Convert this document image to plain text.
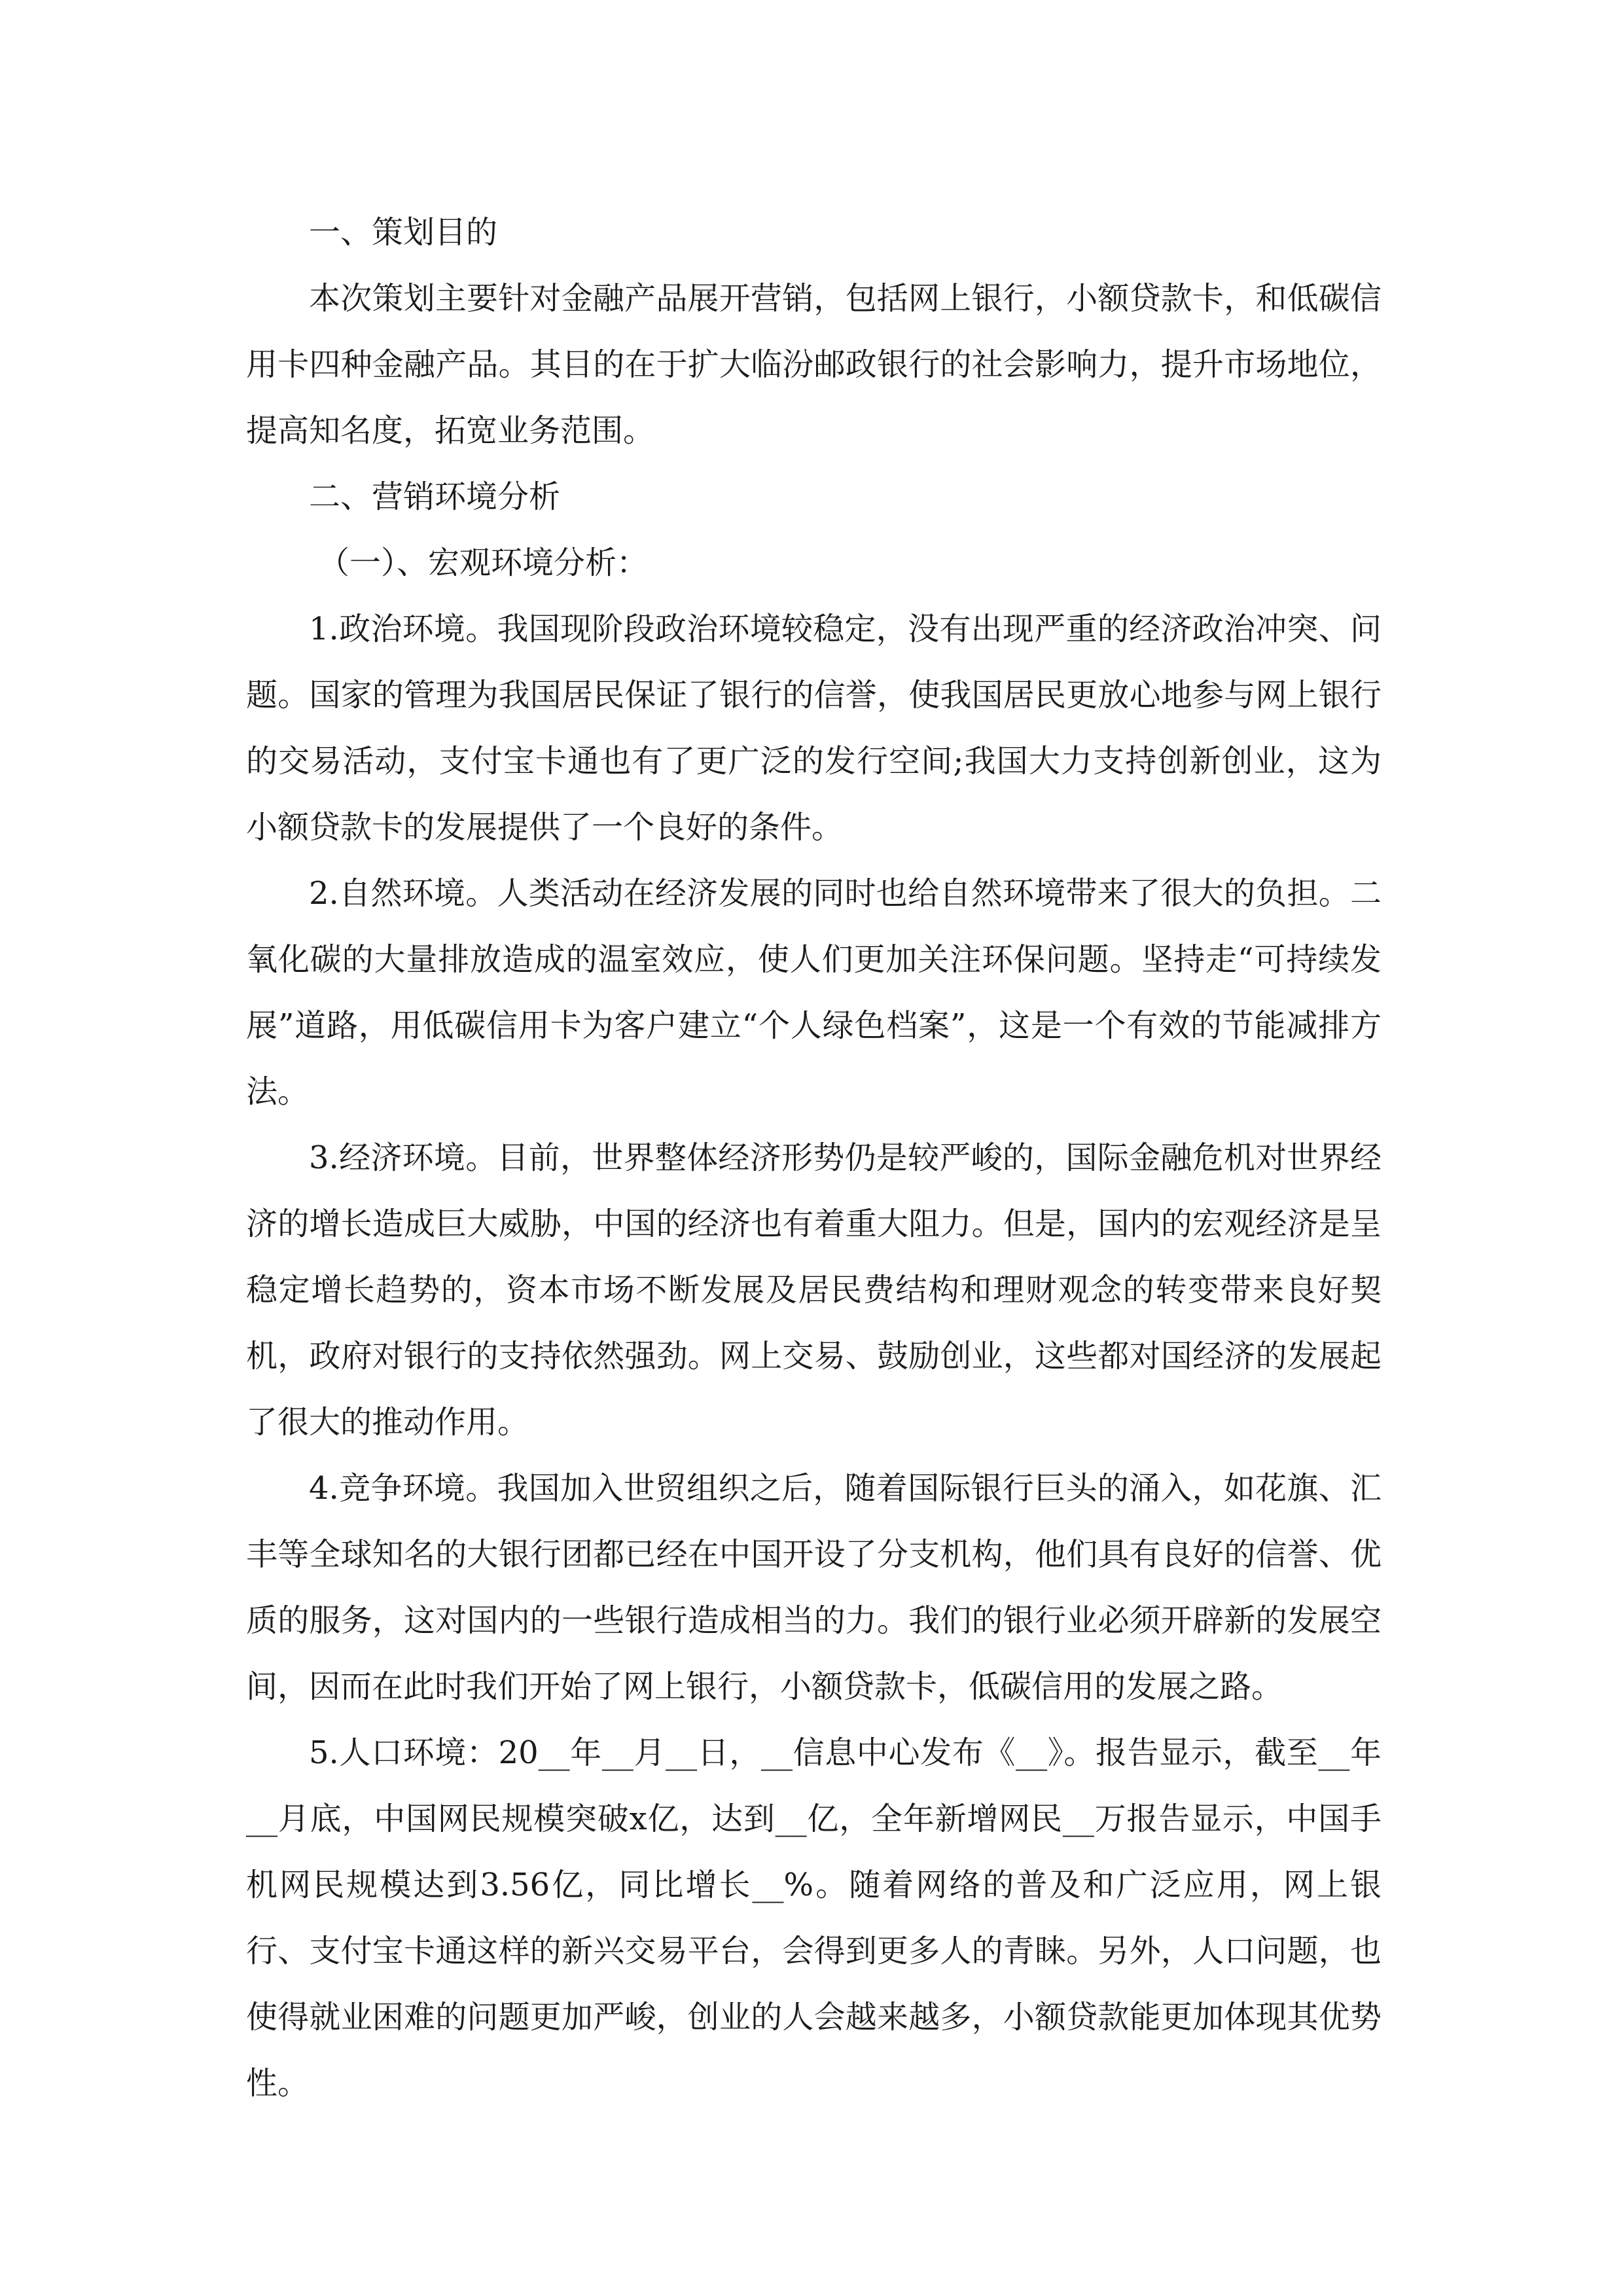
一、策划目的

本次策划主要针对金融产品展开营销，包括网上银行，小额贷款卡，和低碳信用卡四种金融产品。其目的在于扩大临汾邮政银行的社会影响力，提升市场地位，提高知名度，拓宽业务范围。

二、营销环境分析

（一）、宏观环境分析：

1.政治环境。我国现阶段政治环境较稳定，没有出现严重的经济政治冲突、问题。国家的管理为我国居民保证了银行的信誉，使我国居民更放心地参与网上银行的交易活动，支付宝卡通也有了更广泛的发行空间;我国大力支持创新创业，这为小额贷款卡的发展提供了一个良好的条件。

2.自然环境。人类活动在经济发展的同时也给自然环境带来了很大的负担。二氧化碳的大量排放造成的温室效应，使人们更加关注环保问题。坚持走“可持续发展”道路，用低碳信用卡为客户建立“个人绿色档案”，这是一个有效的节能减排方法。

3.经济环境。目前，世界整体经济形势仍是较严峻的，国际金融危机对世界经济的增长造成巨大威胁，中国的经济也有着重大阻力。但是，国内的宏观经济是呈稳定增长趋势的，资本市场不断发展及居民费结构和理财观念的转变带来良好契机，政府对银行的支持依然强劲。网上交易、鼓励创业，这些都对国经济的发展起了很大的推动作用。

4.竞争环境。我国加入世贸组织之后，随着国际银行巨头的涌入，如花旗、汇丰等全球知名的大银行团都已经在中国开设了分支机构，他们具有良好的信誉、优质的服务，这对国内的一些银行造成相当的力。我们的银行业必须开辟新的发展空间，因而在此时我们开始了网上银行，小额贷款卡，低碳信用的发展之路。

5.人口环境：20__年__月__日，__信息中心发布《__》。报告显示，截至__年__月底，中国网民规模突破x亿，达到__亿，全年新增网民__万报告显示，中国手机网民规模达到3.56亿，同比增长__%。随着网络的普及和广泛应用，网上银行、支付宝卡通这样的新兴交易平台，会得到更多人的青睐。另外，人口问题，也使得就业困难的问题更加严峻，创业的人会越来越多，小额贷款能更加体现其优势性。
